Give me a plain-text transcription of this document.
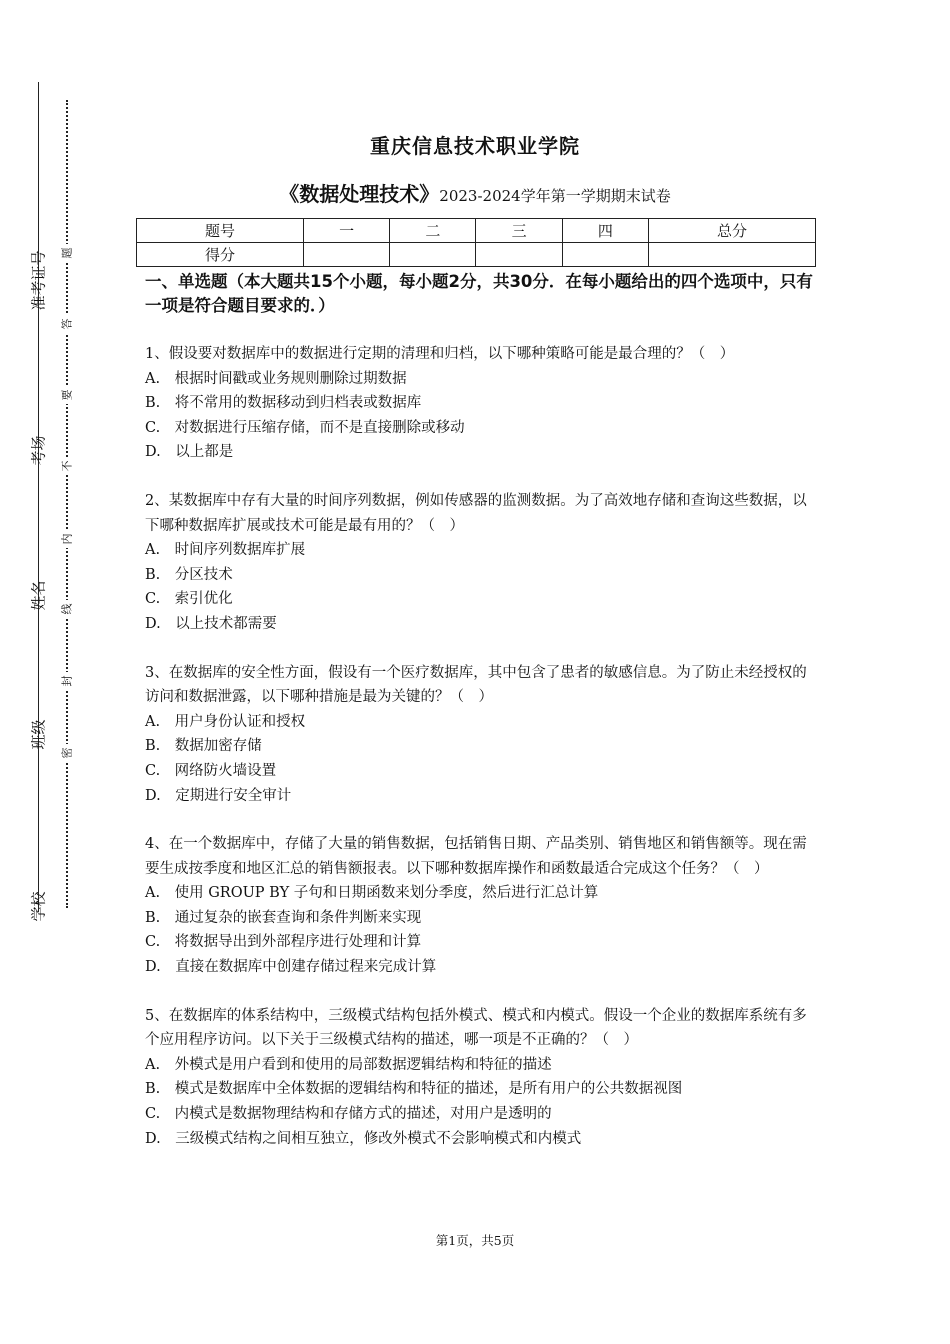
准考证号
考场
姓名
班级
学校
题
答
要
不
内
线
封
密
重庆信息技术职业学院
《数据处理技术》2023-2024学年第一学期期末试卷
题号	一	二	三	四	总分
得分					
一、单选题（本大题共15个小题，每小题2分，共30分．在每小题给出的四个选项中，只有一项是符合题目要求的．）

1、假设要对数据库中的数据进行定期的清理和归档，以下哪种策略可能是最合理的？（　）

A.　根据时间戳或业务规则删除过期数据

B.　将不常用的数据移动到归档表或数据库

C.　对数据进行压缩存储，而不是直接删除或移动

D.　以上都是

2、某数据库中存有大量的时间序列数据，例如传感器的监测数据。为了高效地存储和查询这些数据，以下哪种数据库扩展或技术可能是最有用的？（　）

A.　时间序列数据库扩展

B.　分区技术

C.　索引优化

D.　以上技术都需要

3、在数据库的安全性方面，假设有一个医疗数据库，其中包含了患者的敏感信息。为了防止未经授权的访问和数据泄露，以下哪种措施是最为关键的？（　）

A.　用户身份认证和授权

B.　数据加密存储

C.　网络防火墙设置

D.　定期进行安全审计

4、在一个数据库中，存储了大量的销售数据，包括销售日期、产品类别、销售地区和销售额等。现在需要生成按季度和地区汇总的销售额报表。以下哪种数据库操作和函数最适合完成这个任务？（　）

A.　使用 GROUP BY 子句和日期函数来划分季度，然后进行汇总计算

B.　通过复杂的嵌套查询和条件判断来实现

C.　将数据导出到外部程序进行处理和计算

D.　直接在数据库中创建存储过程来完成计算

5、在数据库的体系结构中，三级模式结构包括外模式、模式和内模式。假设一个企业的数据库系统有多个应用程序访问。以下关于三级模式结构的描述，哪一项是不正确的？（　）

A.　外模式是用户看到和使用的局部数据逻辑结构和特征的描述

B.　模式是数据库中全体数据的逻辑结构和特征的描述，是所有用户的公共数据视图

C.　内模式是数据物理结构和存储方式的描述，对用户是透明的

D.　三级模式结构之间相互独立，修改外模式不会影响模式和内模式

第1页，共5页
